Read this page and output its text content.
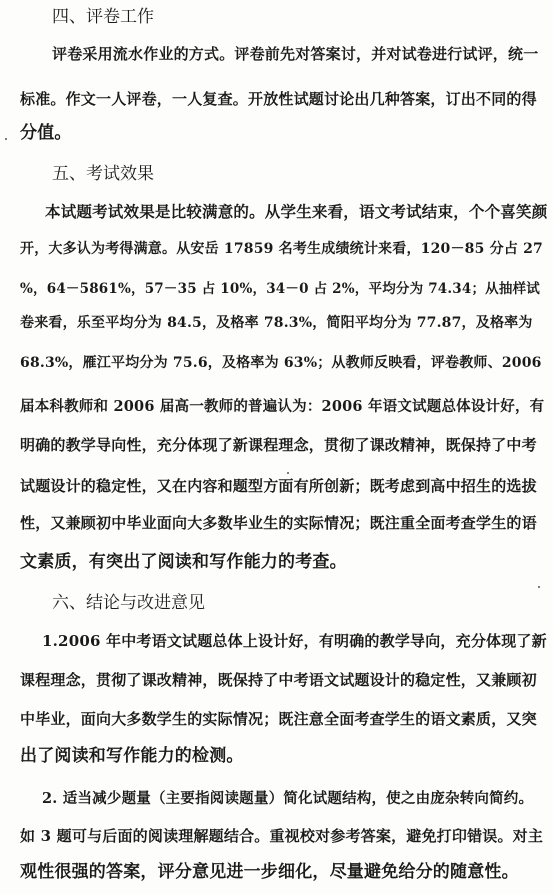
四、评卷工作
评卷采用流水作业的方式。评卷前先对答案讨，并对试卷进行试评，统一
标准。作文一人评卷，一人复查。开放性试题讨论出几种答案，订出不同的得
分值。
五、考试效果
本试题考试效果是比较满意的。从学生来看，语文考试结束，个个喜笑颜
开，大多认为考得满意。从安岳 17859 名考生成绩统计来看，120－85 分占 27
%，64－5861%，57－35 占 10%，34－0 占 2%，平均分为 74.34；从抽样试
卷来看，乐至平均分为 84.5，及格率 78.3%，简阳平均分为 77.87，及格率为
68.3%，雁江平均分为 75.6，及格率为 63%；从教师反映看，评卷教师、2006
届本科教师和 2006 届高一教师的普遍认为：2006 年语文试题总体设计好，有
明确的教学导向性，充分体现了新课程理念，贯彻了课改精神，既保持了中考
试题设计的稳定性，又在内容和题型方面有所创新；既考虑到高中招生的选拔
性，又兼顾初中毕业面向大多数毕业生的实际情况；既注重全面考查学生的语
文素质，有突出了阅读和写作能力的考查。
六、结论与改进意见
1.2006 年中考语文试题总体上设计好，有明确的教学导向，充分体现了新
课程理念，贯彻了课改精神，既保持了中考语文试题设计的稳定性，又兼顾初
中毕业，面向大多数学生的实际情况；既注意全面考查学生的语文素质，又突
出了阅读和写作能力的检测。
2. 适当减少题量（主要指阅读题量）简化试题结构，使之由庞杂转向简约。
如 3 题可与后面的阅读理解题结合。重视校对参考答案，避免打印错误。对主
观性很强的答案，评分意见进一步细化，尽量避免给分的随意性。
